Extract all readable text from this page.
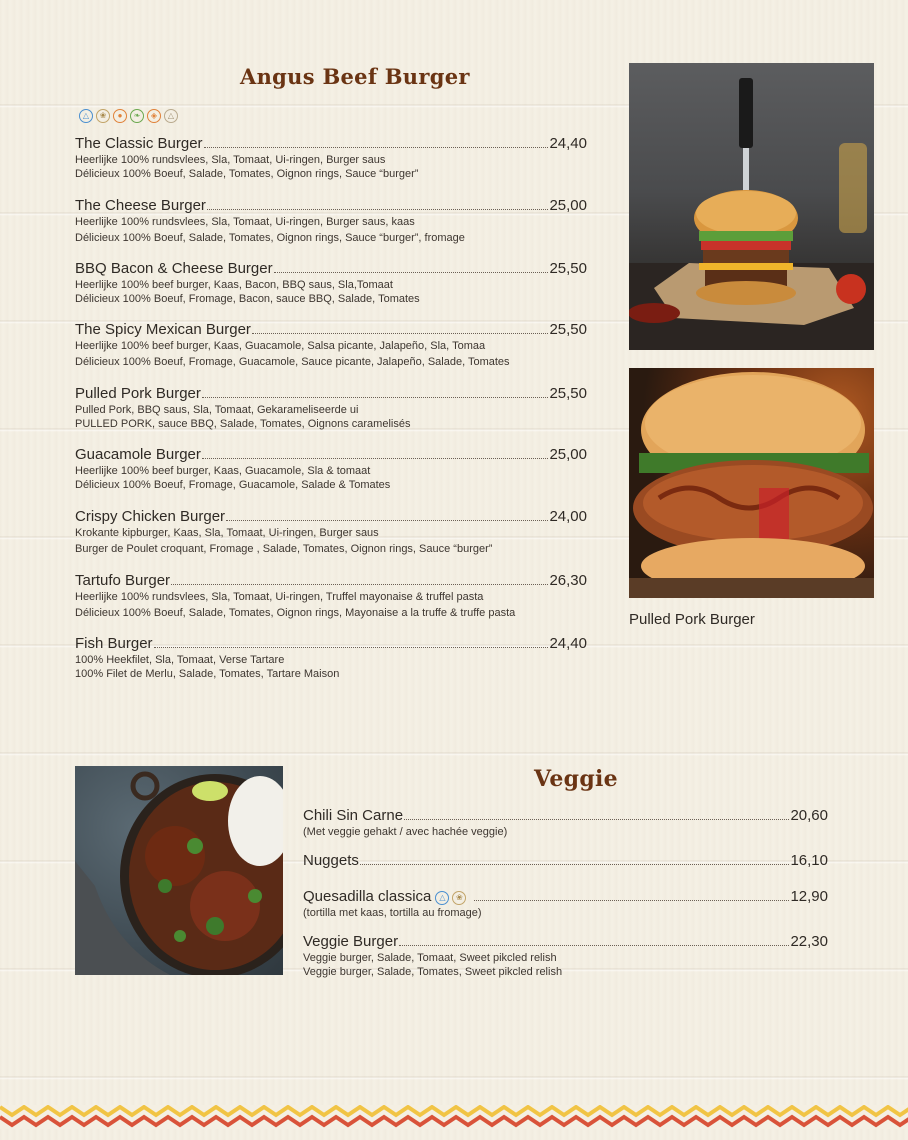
Angus Beef Burger
△	❀	●	❧	◈	△
The Classic Burger	24,40
Heerlijke 100% rundsvlees, Sla, Tomaat, Ui-ringen, Burger saus
Délicieux 100% Boeuf, Salade, Tomates, Oignon rings, Sauce “burger”
The Cheese Burger	25,00
Heerlijke 100% rundsvlees, Sla, Tomaat, Ui-ringen, Burger saus, kaas
Délicieux 100% Boeuf, Salade, Tomates, Oignon rings, Sauce “burger”, fromage
BBQ Bacon & Cheese Burger	25,50
Heerlijke 100% beef burger, Kaas, Bacon, BBQ saus, Sla,Tomaat
Délicieux 100% Boeuf, Fromage, Bacon, sauce BBQ, Salade, Tomates
The Spicy Mexican Burger	25,50
Heerlijke 100% beef burger, Kaas, Guacamole, Salsa picante, Jalapeño, Sla, Tomaa
Délicieux 100% Boeuf, Fromage, Guacamole, Sauce picante, Jalapeño, Salade, Tomates
Pulled Pork Burger	25,50
Pulled Pork, BBQ saus, Sla, Tomaat, Gekarameliseerde ui
PULLED PORK, sauce BBQ, Salade, Tomates, Oignons caramelisés
Guacamole Burger	25,00
Heerlijke 100% beef burger, Kaas, Guacamole, Sla & tomaat
Délicieux 100% Boeuf, Fromage, Guacamole, Salade & Tomates
Crispy Chicken Burger	24,00
Krokante kipburger, Kaas, Sla, Tomaat, Ui-ringen, Burger saus
Burger de Poulet croquant, Fromage , Salade, Tomates, Oignon rings, Sauce “burger”
Tartufo Burger	26,30
Heerlijke 100% rundsvlees, Sla, Tomaat, Ui-ringen, Truffel mayonaise & truffel pasta
Délicieux 100% Boeuf, Salade, Tomates, Oignon rings, Mayonaise a la truffe & truffe pasta
Fish Burger	24,40
100% Heekfilet, Sla, Tomaat, Verse Tartare
100% Filet de Merlu, Salade, Tomates, Tartare Maison
Pulled Pork Burger
Veggie
Chili Sin Carne	20,60
(Met veggie gehakt / avec hachée veggie)
Nuggets	16,10
Quesadilla classica △	❀	12,90
(tortilla met kaas, tortilla au fromage)
Veggie Burger	22,30
Veggie burger, Salade, Tomaat, Sweet pikcled relish
Veggie burger, Salade, Tomates, Sweet pikcled relish
